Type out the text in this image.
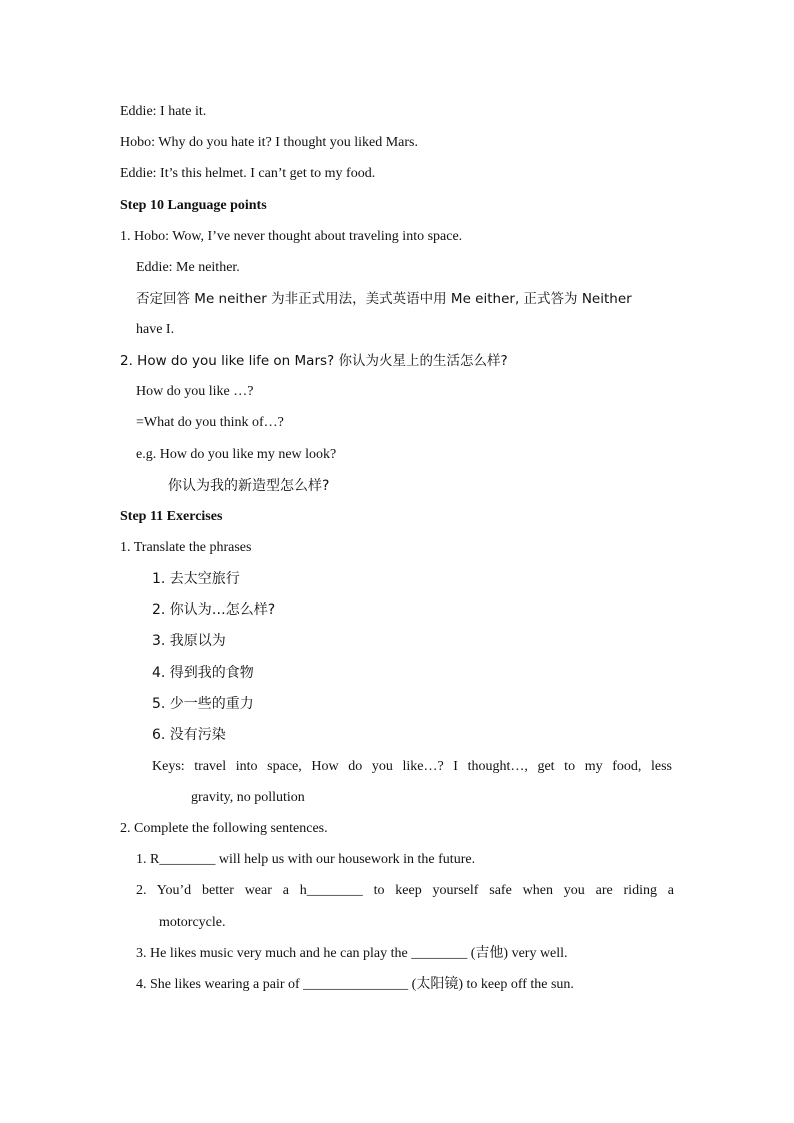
Eddie: I hate it.
Hobo: Why do you hate it? I thought you liked Mars.
Eddie: It’s this helmet. I can’t get to my food.
Step 10 Language points
1. Hobo: Wow, I’ve never thought about traveling into space.
Eddie: Me neither.
否定回答 Me neither 为非正式用法，美式英语中用 Me either, 正式答为 Neither
have I.
2. How do you like life on Mars? 你认为火星上的生活怎么样?
How do you like …?
=What do you think of…?
e.g. How do you like my new look?
你认为我的新造型怎么样?
Step 11 Exercises
1. Translate the phrases
1. 去太空旅行
2. 你认为…怎么样?
3. 我原以为
4. 得到我的食物
5. 少一些的重力
6. 没有污染
Keys: travel into space, How do you like…? I thought…, get to my food, less
gravity, no pollution
2. Complete the following sentences.
1. R________ will help us with our housework in the future.
2. You’d better wear a h________ to keep yourself safe when you are riding a
motorcycle.
3. He likes music very much and he can play the ________ (吉他) very well.
4. She likes wearing a pair of _______________ (太阳镜) to keep off the sun.
